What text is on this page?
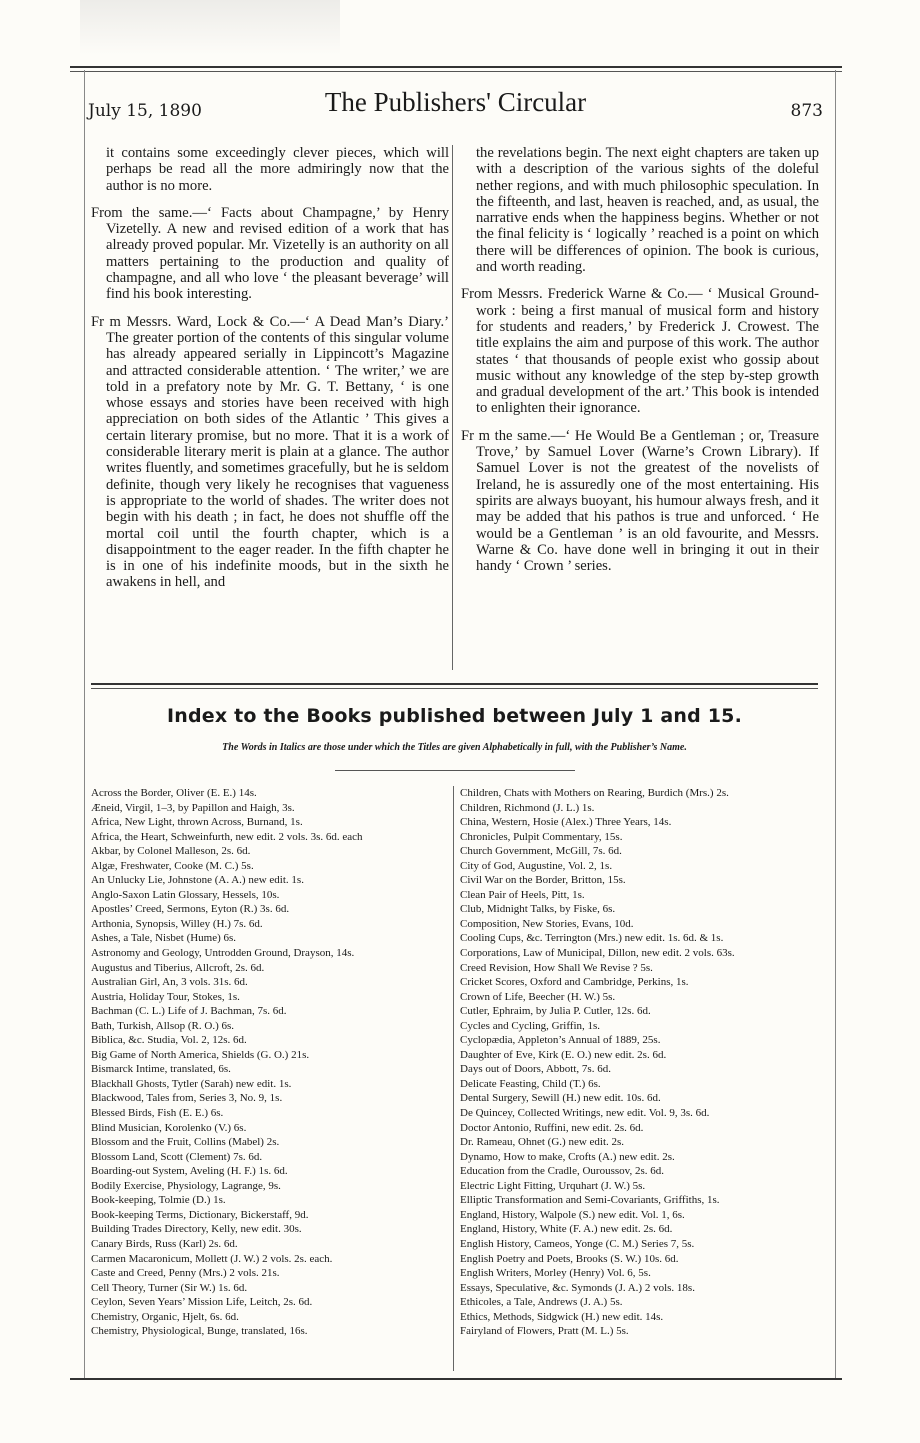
July 15, 1890	The Publishers' Circular	873

it contains some exceedingly clever pieces, which will perhaps be read all the more admiringly now that the author is no more.

From the same.—‘ Facts about Champagne,’ by Henry Vizetelly. A new and revised edition of a work that has already proved popular. Mr. Vizetelly is an authority on all matters pertaining to the production and quality of champagne, and all who love ‘ the pleasant beverage’ will find his book interesting.

Fr m Messrs. Ward, Lock & Co.—‘ A Dead Man’s Diary.’ The greater portion of the contents of this singular volume has already appeared serially in Lippincott’s Magazine and attracted considerable attention. ‘ The writer,’ we are told in a prefatory note by Mr. G. T. Bettany, ‘ is one whose essays and stories have been received with high appreciation on both sides of the Atlantic ’ This gives a certain literary promise, but no more. That it is a work of considerable literary merit is plain at a glance. The author writes fluently, and sometimes gracefully, but he is seldom definite, though very likely he recognises that vagueness is appropriate to the world of shades. The writer does not begin with his death ; in fact, he does not shuffle off the mortal coil until the fourth chapter, which is a disappointment to the eager reader. In the fifth chapter he is in one of his indefinite moods, but in the sixth he awakens in hell, and

the revelations begin. The next eight chapters are taken up with a description of the various sights of the doleful nether regions, and with much philosophic speculation. In the fifteenth, and last, heaven is reached, and, as usual, the narrative ends when the happiness begins. Whether or not the final felicity is ‘ logically ’ reached is a point on which there will be differences of opinion. The book is curious, and worth reading.

From Messrs. Frederick Warne & Co.— ‘ Musical Ground-work : being a first manual of musical form and history for students and readers,’ by Frederick J. Crowest. The title explains the aim and purpose of this work. The author states ‘ that thousands of people exist who gossip about music without any knowledge of the step by-step growth and gradual development of the art.’ This book is intended to enlighten their ignorance.

Fr m the same.—‘ He Would Be a Gentleman ; or, Treasure Trove,’ by Samuel Lover (Warne’s Crown Library). If Samuel Lover is not the greatest of the novelists of Ireland, he is assuredly one of the most entertaining. His spirits are always buoyant, his humour always fresh, and it may be added that his pathos is true and unforced. ‘ He would be a Gentleman ’ is an old favourite, and Messrs. Warne & Co. have done well in bringing it out in their handy ‘ Crown ’ series.

Index to the Books published between July 1 and 15.
The Words in Italics are those under which the Titles are given Alphabetically in full, with the Publisher’s Name.
Across the Border, Oliver (E. E.) 14s.
Æneid, Virgil, 1–3, by Papillon and Haigh, 3s.
Africa, New Light, thrown Across, Burnand, 1s.
Africa, the Heart, Schweinfurth, new edit. 2 vols. 3s. 6d. each
Akbar, by Colonel Malleson, 2s. 6d.
Algæ, Freshwater, Cooke (M. C.) 5s.
An Unlucky Lie, Johnstone (A. A.) new edit. 1s.
Anglo-Saxon Latin Glossary, Hessels, 10s.
Apostles’ Creed, Sermons, Eyton (R.) 3s. 6d.
Arthonia, Synopsis, Willey (H.) 7s. 6d.
Ashes, a Tale, Nisbet (Hume) 6s.
Astronomy and Geology, Untrodden Ground, Drayson, 14s.
Augustus and Tiberius, Allcroft, 2s. 6d.
Australian Girl, An, 3 vols. 31s. 6d.
Austria, Holiday Tour, Stokes, 1s.
Bachman (C. L.) Life of J. Bachman, 7s. 6d.
Bath, Turkish, Allsop (R. O.) 6s.
Biblica, &c. Studia, Vol. 2, 12s. 6d.
Big Game of North America, Shields (G. O.) 21s.
Bismarck Intime, translated, 6s.
Blackhall Ghosts, Tytler (Sarah) new edit. 1s.
Blackwood, Tales from, Series 3, No. 9, 1s.
Blessed Birds, Fish (E. E.) 6s.
Blind Musician, Korolenko (V.) 6s.
Blossom and the Fruit, Collins (Mabel) 2s.
Blossom Land, Scott (Clement) 7s. 6d.
Boarding-out System, Aveling (H. F.) 1s. 6d.
Bodily Exercise, Physiology, Lagrange, 9s.
Book-keeping, Tolmie (D.) 1s.
Book-keeping Terms, Dictionary, Bickerstaff, 9d.
Building Trades Directory, Kelly, new edit. 30s.
Canary Birds, Russ (Karl) 2s. 6d.
Carmen Macaronicum, Mollett (J. W.) 2 vols. 2s. each.
Caste and Creed, Penny (Mrs.) 2 vols. 21s.
Cell Theory, Turner (Sir W.) 1s. 6d.
Ceylon, Seven Years’ Mission Life, Leitch, 2s. 6d.
Chemistry, Organic, Hjelt, 6s. 6d.
Chemistry, Physiological, Bunge, translated, 16s.
Children, Chats with Mothers on Rearing, Burdich (Mrs.) 2s.
Children, Richmond (J. L.) 1s.
China, Western, Hosie (Alex.) Three Years, 14s.
Chronicles, Pulpit Commentary, 15s.
Church Government, McGill, 7s. 6d.
City of God, Augustine, Vol. 2, 1s.
Civil War on the Border, Britton, 15s.
Clean Pair of Heels, Pitt, 1s.
Club, Midnight Talks, by Fiske, 6s.
Composition, New Stories, Evans, 10d.
Cooling Cups, &c. Terrington (Mrs.) new edit. 1s. 6d. & 1s.
Corporations, Law of Municipal, Dillon, new edit. 2 vols. 63s.
Creed Revision, How Shall We Revise ? 5s.
Cricket Scores, Oxford and Cambridge, Perkins, 1s.
Crown of Life, Beecher (H. W.) 5s.
Cutler, Ephraim, by Julia P. Cutler, 12s. 6d.
Cycles and Cycling, Griffin, 1s.
Cyclopædia, Appleton’s Annual of 1889, 25s.
Daughter of Eve, Kirk (E. O.) new edit. 2s. 6d.
Days out of Doors, Abbott, 7s. 6d.
Delicate Feasting, Child (T.) 6s.
Dental Surgery, Sewill (H.) new edit. 10s. 6d.
De Quincey, Collected Writings, new edit. Vol. 9, 3s. 6d.
Doctor Antonio, Ruffini, new edit. 2s. 6d.
Dr. Rameau, Ohnet (G.) new edit. 2s.
Dynamo, How to make, Crofts (A.) new edit. 2s.
Education from the Cradle, Ouroussov, 2s. 6d.
Electric Light Fitting, Urquhart (J. W.) 5s.
Elliptic Transformation and Semi-Covariants, Griffiths, 1s.
England, History, Walpole (S.) new edit. Vol. 1, 6s.
England, History, White (F. A.) new edit. 2s. 6d.
English History, Cameos, Yonge (C. M.) Series 7, 5s.
English Poetry and Poets, Brooks (S. W.) 10s. 6d.
English Writers, Morley (Henry) Vol. 6, 5s.
Essays, Speculative, &c. Symonds (J. A.) 2 vols. 18s.
Ethicoles, a Tale, Andrews (J. A.) 5s.
Ethics, Methods, Sidgwick (H.) new edit. 14s.
Fairyland of Flowers, Pratt (M. L.) 5s.
